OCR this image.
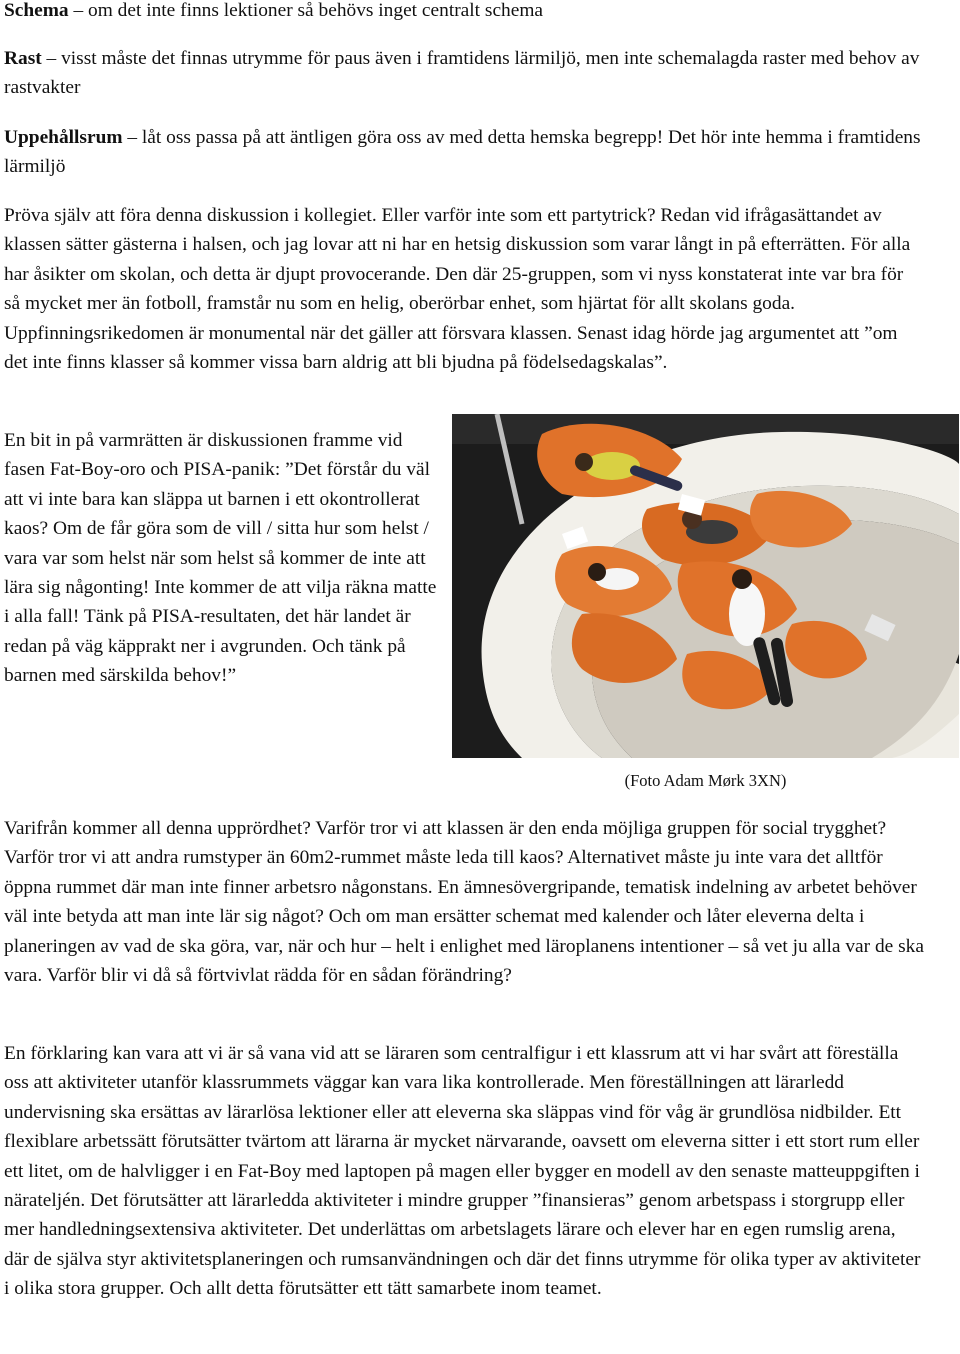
Schema – om det inte finns lektioner så behövs inget centralt schema

Rast – visst måste det finnas utrymme för paus även i framtidens lärmiljö, men inte schemalagda raster med behov av rastvakter

Uppehållsrum – låt oss passa på att äntligen göra oss av med detta hemska begrepp! Det hör inte hemma i framtidens lärmiljö

Pröva själv att föra denna diskussion i kollegiet. Eller varför inte som ett partytrick? Redan vid ifrågasättandet av klassen sätter gästerna i halsen, och jag lovar att ni har en hetsig diskussion som varar långt in på efterrätten. För alla har åsikter om skolan, och detta är djupt provocerande. Den där 25-gruppen, som vi nyss konstaterat inte var bra för så mycket mer än fotboll, framstår nu som en helig, oberörbar enhet, som hjärtat för allt skolans goda. Uppfinningsrikedomen är monumental när det gäller att försvara klassen. Senast idag hörde jag argumentet att ”om det inte finns klasser så kommer vissa barn aldrig att bli bjudna på födelsedagskalas”.

En bit in på varmrätten är diskussionen framme vid fasen Fat-Boy-oro och PISA-panik: ”Det förstår du väl att vi inte bara kan släppa ut barnen i ett okontrollerat kaos? Om de får göra som de vill / sitta hur som helst / vara var som helst när som helst så kommer de inte att lära sig någonting! Inte kommer de att vilja räkna matte i alla fall! Tänk på PISA-resultaten, det här landet är redan på väg käpprakt ner i avgrunden. Och tänk på barnen med särskilda behov!”

(Foto Adam Mørk 3XN)

Varifrån kommer all denna upprördhet? Varför tror vi att klassen är den enda möjliga gruppen för social trygghet? Varför tror vi att andra rumstyper än 60m2-rummet måste leda till kaos? Alternativet måste ju inte vara det alltför öppna rummet där man inte finner arbetsro någonstans. En ämnesövergripande, tematisk indelning av arbetet behöver väl inte betyda att man inte lär sig något? Och om man ersätter schemat med kalender och låter eleverna delta i planeringen av vad de ska göra, var, när och hur – helt i enlighet med läroplanens intentioner – så vet ju alla var de ska vara. Varför blir vi då så förtvivlat rädda för en sådan förändring?

En förklaring kan vara att vi är så vana vid att se läraren som centralfigur i ett klassrum att vi har svårt att föreställa oss att aktiviteter utanför klassrummets väggar kan vara lika kontrollerade. Men föreställningen att lärarledd undervisning ska ersättas av lärarlösa lektioner eller att eleverna ska släppas vind för våg är grundlösa nidbilder. Ett flexiblare arbetssätt förutsätter tvärtom att lärarna är mycket närvarande, oavsett om eleverna sitter i ett stort rum eller ett litet, om de halvligger i en Fat-Boy med laptopen på magen eller bygger en modell av den senaste matteuppgiften i närateljén. Det förutsätter att lärarledda aktiviteter i mindre grupper ”finansieras” genom arbetspass i storgrupp eller mer handledningsextensiva aktiviteter. Det underlättas om arbetslagets lärare och elever har en egen rumslig arena, där de själva styr aktivitetsplaneringen och rumsanvändningen och där det finns utrymme för olika typer av aktiviteter i olika stora grupper. Och allt detta förutsätter ett tätt samarbete inom teamet.
